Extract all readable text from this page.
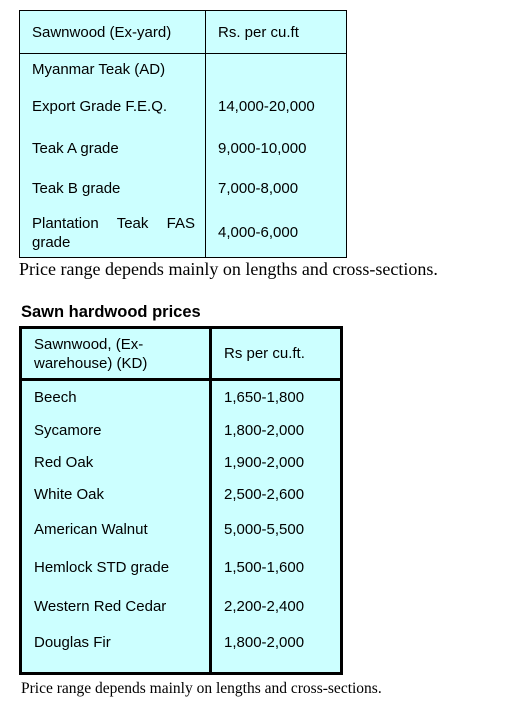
Sawnwood (Ex-yard)	Rs. per cu.ft
Myanmar Teak (AD)	
Export Grade F.E.Q.	14,000-20,000
Teak A grade	9,000-10,000
Teak B grade	7,000-8,000
Plantation Teak FAS grade	4,000-6,000

Price range depends mainly on lengths and cross-sections.

Sawn hardwood prices

Sawnwood, (Ex-warehouse) (KD)	Rs per cu.ft.
Beech	1,650-1,800
Sycamore	1,800-2,000
Red Oak	1,900-2,000
White Oak	2,500-2,600
American Walnut	5,000-5,500
Hemlock STD grade	1,500-1,600
Western Red Cedar	2,200-2,400
Douglas Fir	1,800-2,000

Price range depends mainly on lengths and cross-sections.
